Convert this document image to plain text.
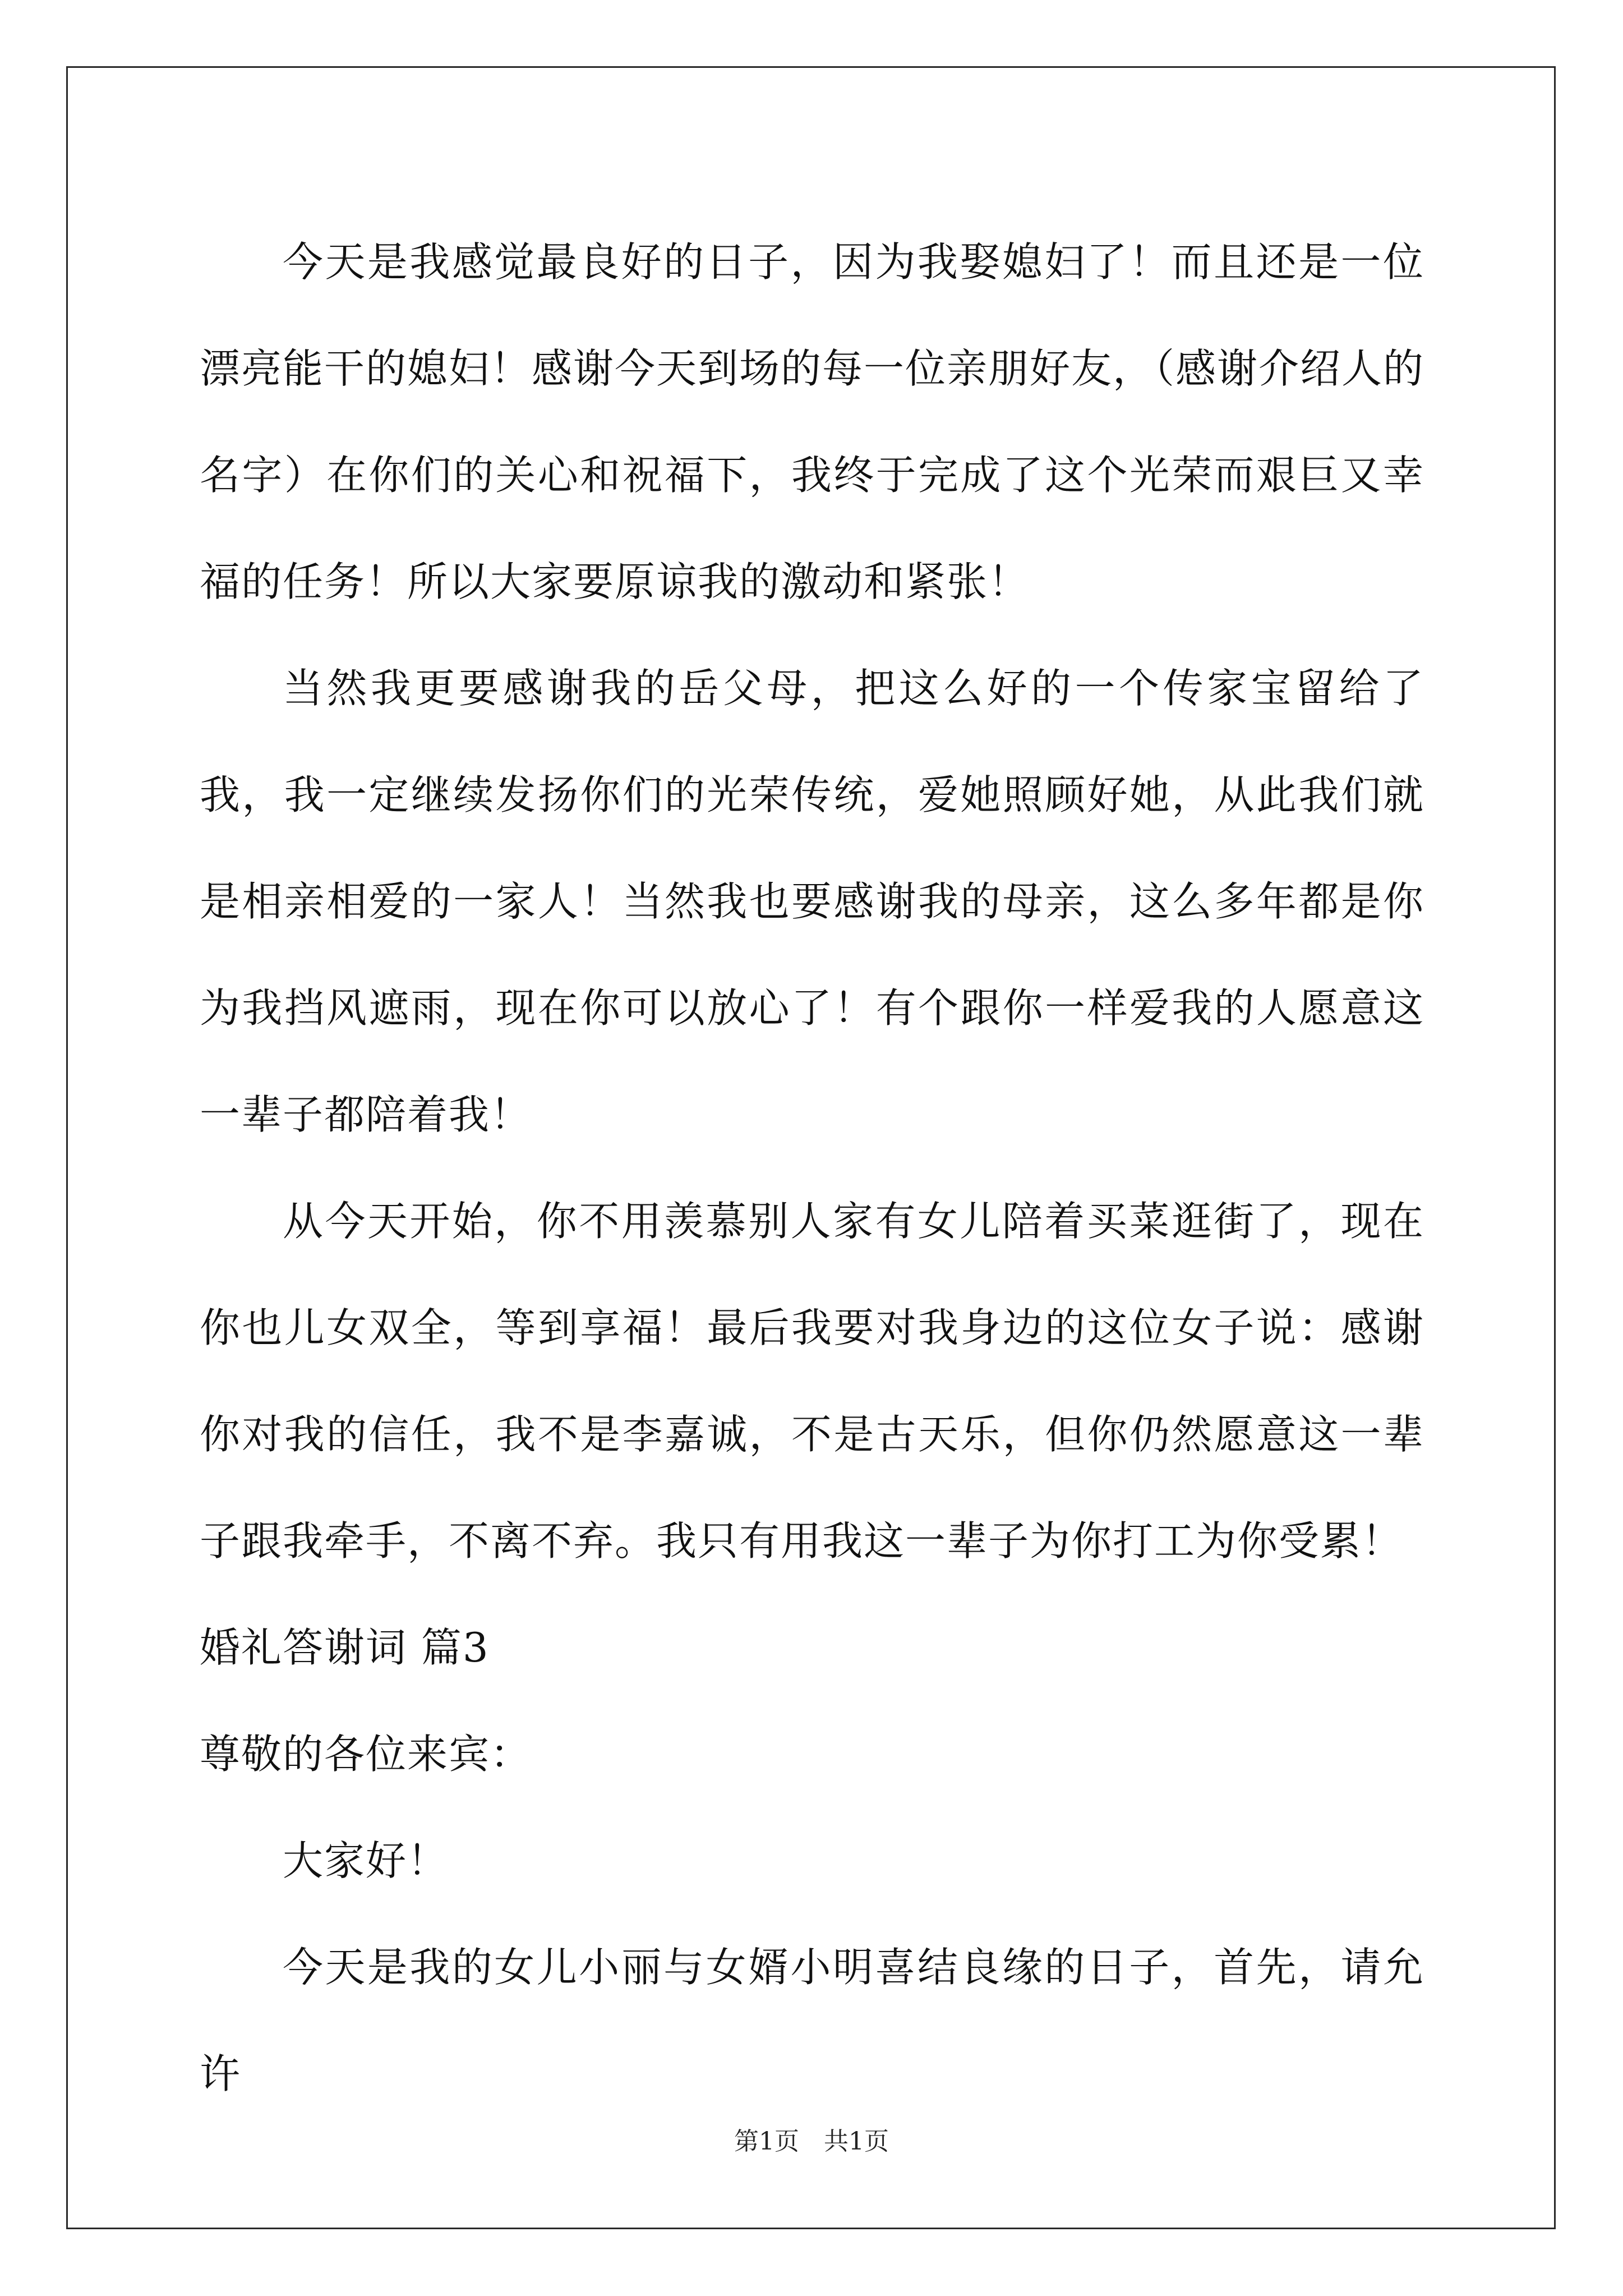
今天是我感觉最良好的日子，因为我娶媳妇了！而且还是一位漂亮能干的媳妇！感谢今天到场的每一位亲朋好友，（感谢介绍人的名字）在你们的关心和祝福下，我终于完成了这个光荣而艰巨又幸福的任务！所以大家要原谅我的激动和紧张！

当然我更要感谢我的岳父母，把这么好的一个传家宝留给了我，我一定继续发扬你们的光荣传统，爱她照顾好她，从此我们就是相亲相爱的一家人！当然我也要感谢我的母亲，这么多年都是你为我挡风遮雨，现在你可以放心了！有个跟你一样爱我的人愿意这一辈子都陪着我！

从今天开始，你不用羡慕别人家有女儿陪着买菜逛街了，现在你也儿女双全，等到享福！最后我要对我身边的这位女子说：感谢你对我的信任，我不是李嘉诚，不是古天乐，但你仍然愿意这一辈子跟我牵手，不离不弃。我只有用我这一辈子为你打工为你受累！

婚礼答谢词 篇3

尊敬的各位来宾：

大家好！

今天是我的女儿小丽与女婿小明喜结良缘的日子，首先，请允许

第1页　共1页
